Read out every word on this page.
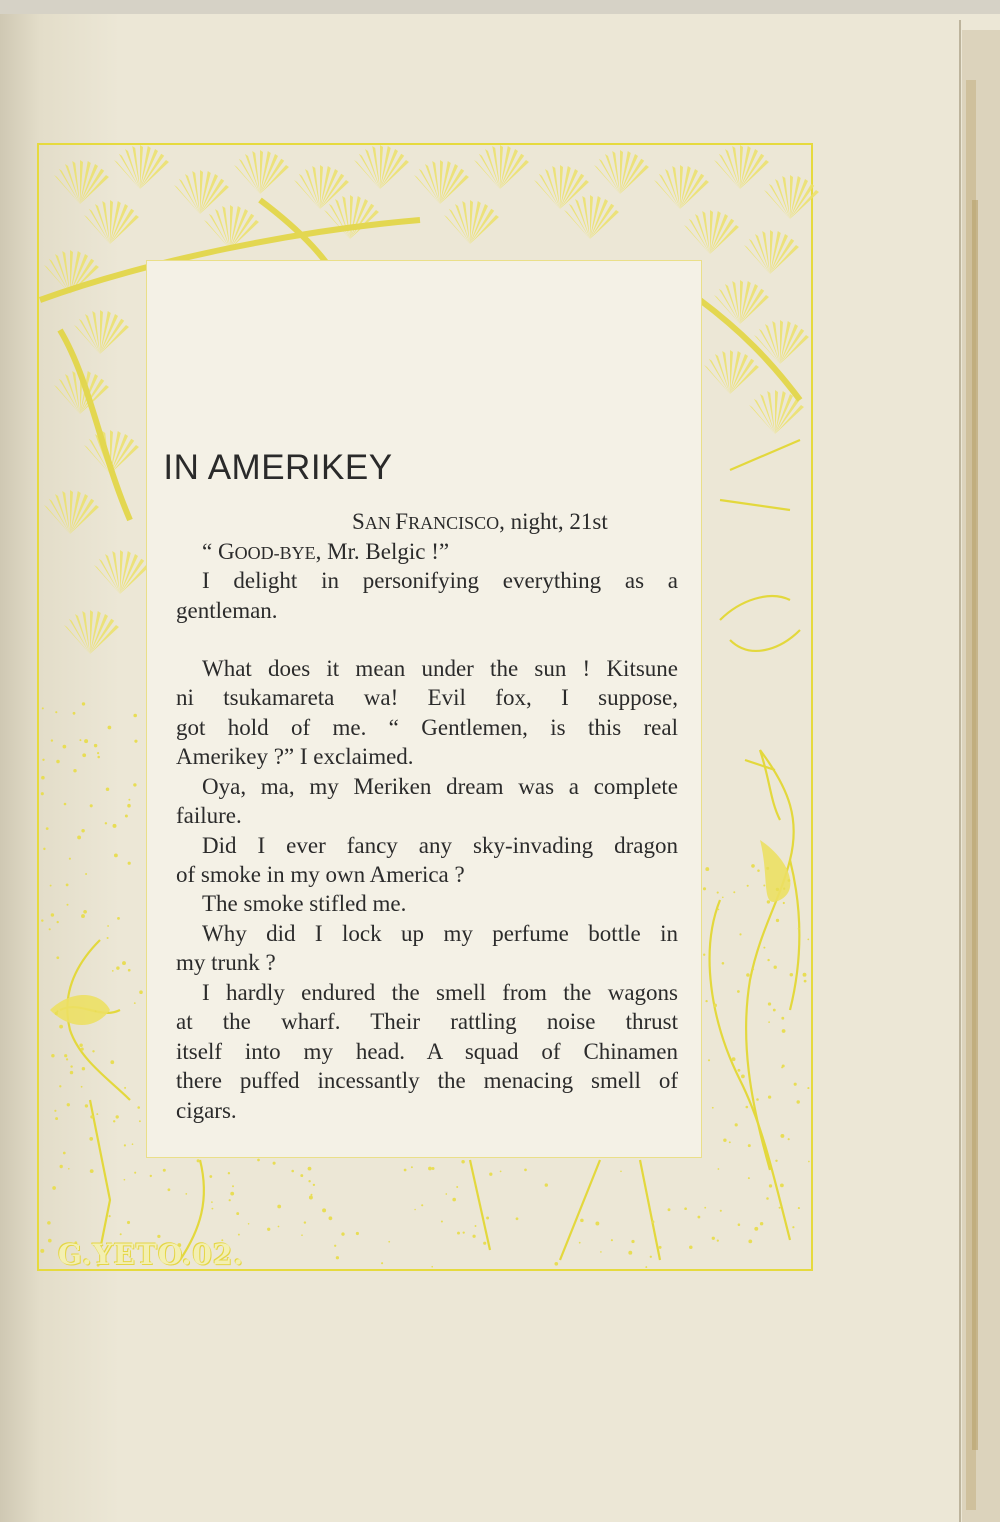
IN AMERIKEY
SAN FRANCISCO, night, 21st
“ GOOD-BYE, Mr. Belgic !”
I delight in personifying everything as a
gentleman.
What does it mean under the sun ! Kitsune
ni tsukamareta wa! Evil fox, I suppose,
got hold of me. “ Gentlemen, is this real
Amerikey ?” I exclaimed.
Oya, ma, my Meriken dream was a complete
failure.
Did I ever fancy any sky-invading dragon
of smoke in my own America ?
The smoke stifled me.
Why did I lock up my perfume bottle in
my trunk ?
I hardly endured the smell from the wagons
at the wharf. Their rattling noise thrust
itself into my head. A squad of Chinamen
there puffed incessantly the menacing smell of
cigars.
G.YETO.02.
